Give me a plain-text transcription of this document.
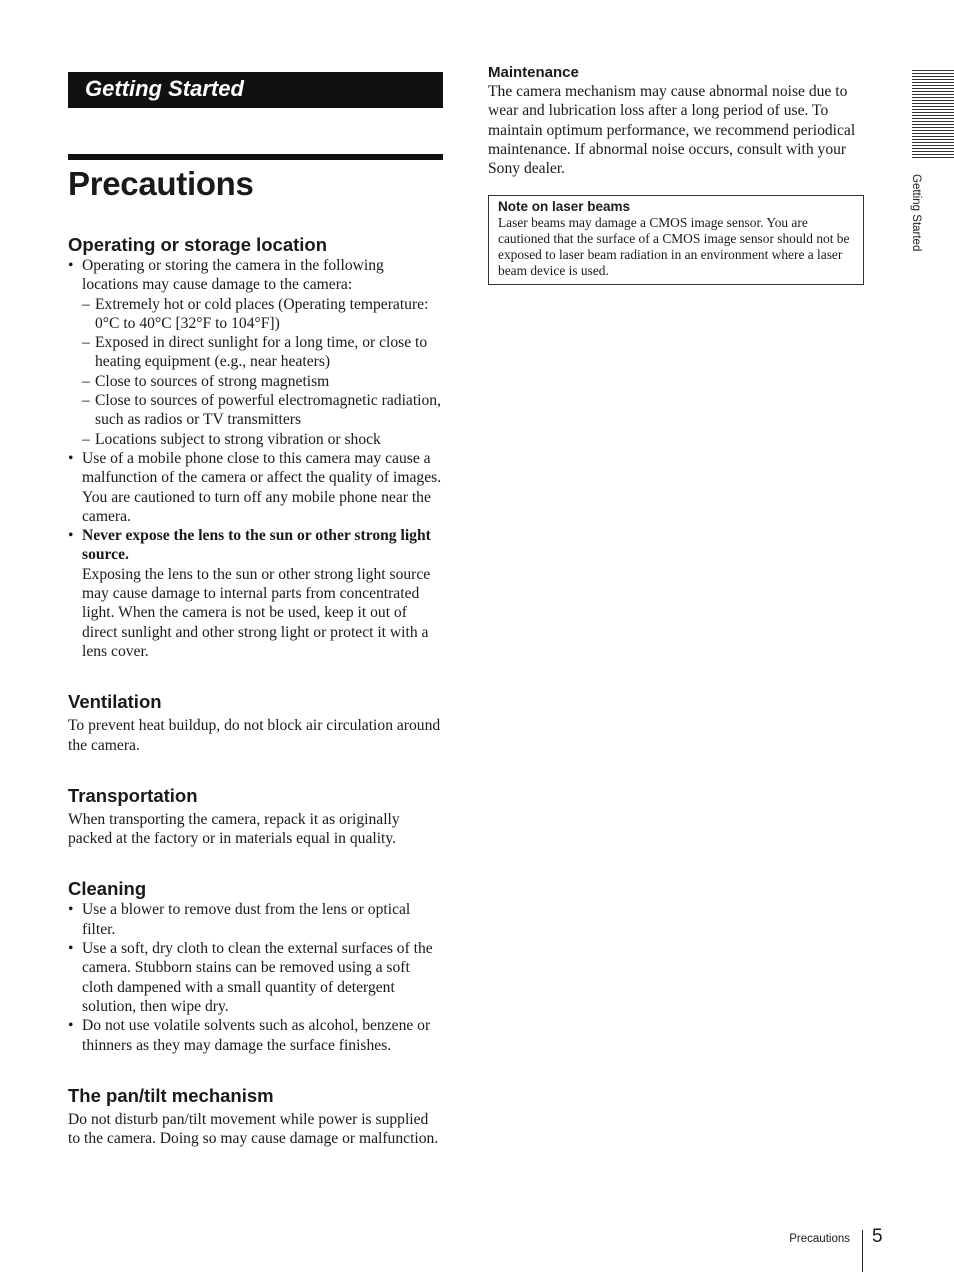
Getting Started
Precautions
Operating or storage location
• Operating or storing the camera in the following locations may cause damage to the camera:
– Extremely hot or cold places (Operating temperature: 0°C to 40°C [32°F to 104°F])
– Exposed in direct sunlight for a long time, or close to heating equipment (e.g., near heaters)
– Close to sources of strong magnetism
– Close to sources of powerful electromagnetic radiation, such as radios or TV transmitters
– Locations subject to strong vibration or shock
• Use of a mobile phone close to this camera may cause a malfunction of the camera or affect the quality of images. You are cautioned to turn off any mobile phone near the camera.
• Never expose the lens to the sun or other strong light source.
Exposing the lens to the sun or other strong light source may cause damage to internal parts from concentrated light. When the camera is not be used, keep it out of direct sunlight and other strong light or protect it with a lens cover.
Ventilation

To prevent heat buildup, do not block air circulation around the camera.

Transportation

When transporting the camera, repack it as originally packed at the factory or in materials equal in quality.

Cleaning
• Use a blower to remove dust from the lens or optical filter.
• Use a soft, dry cloth to clean the external surfaces of the camera. Stubborn stains can be removed using a soft cloth dampened with a small quantity of detergent solution, then wipe dry.
• Do not use volatile solvents such as alcohol, benzene or thinners as they may damage the surface finishes.
The pan/tilt mechanism

Do not disturb pan/tilt movement while power is supplied to the camera. Doing so may cause damage or malfunction.

Maintenance

The camera mechanism may cause abnormal noise due to wear and lubrication loss after a long period of use. To maintain optimum performance, we recommend periodical maintenance. If abnormal noise occurs, consult with your Sony dealer.

Note on laser beams
Laser beams may damage a CMOS image sensor. You are cautioned that the surface of a CMOS image sensor should not be exposed to laser beam radiation in an environment where a laser beam device is used.
Getting Started
Precautions 5
